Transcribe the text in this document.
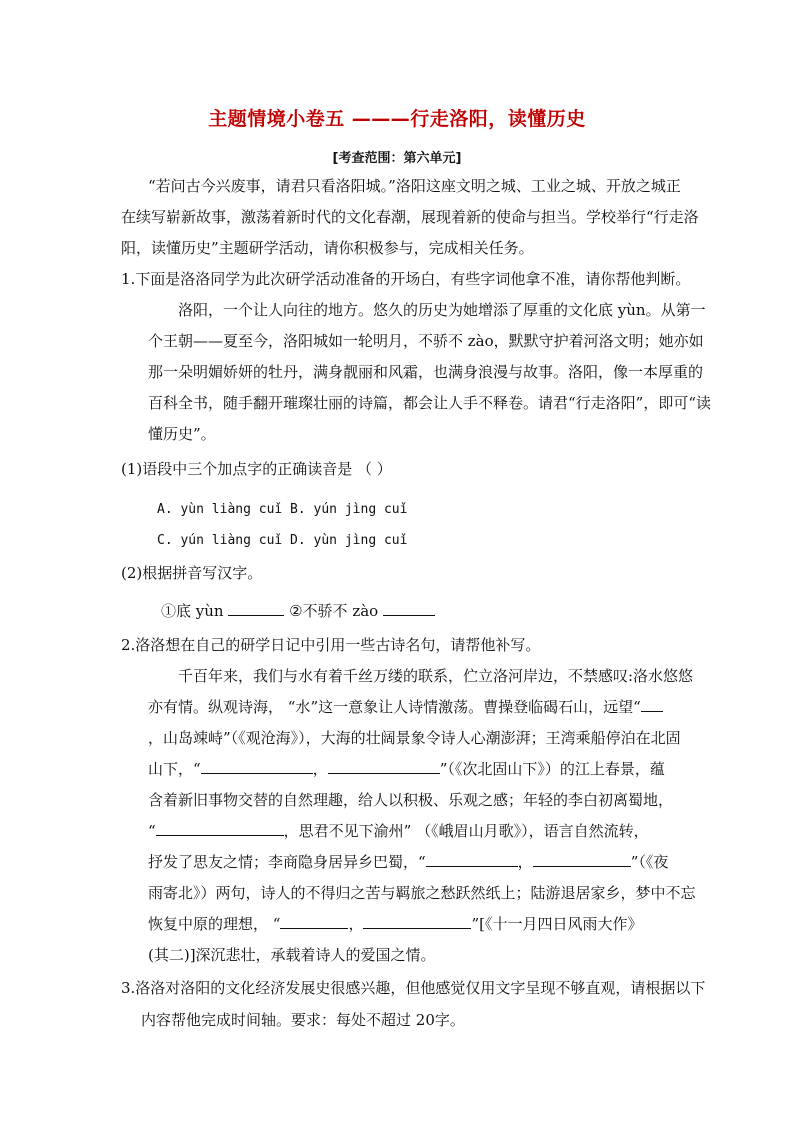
主题情境小卷五 ———行走洛阳，读懂历史
[考查范围：第六单元]
“若问古今兴废事，请君只看洛阳城。”洛阳这座文明之城、工业之城、开放之城正
在续写崭新故事，激荡着新时代的文化春潮，展现着新的使命与担当。学校举行“行走洛
阳，读懂历史”主题研学活动，请你积极参与，完成相关任务。
1.下面是洛洛同学为此次研学活动准备的开场白，有些字词他拿不准，请你帮他判断。
洛阳，一个让人向往的地方。悠久的历史为她增添了厚重的文化底 yùn。从第一
个王朝——夏至今，洛阳城如一轮明月，不骄不 zào，默默守护着河洛文明；她亦如
那一朵明媚娇妍的牡丹，满身靓丽和风霜，也满身浪漫与故事。洛阳，像一本厚重的
百科全书，随手翻开璀璨壮丽的诗篇，都会让人手不释卷。请君“行走洛阳”，即可“读
懂历史”。
(1)语段中三个加点字的正确读音是 （ ）
A. yùn liàng cuǐ B. yún jìng cuǐ
C. yún liàng cuǐ D. yùn jìng cuǐ
(2)根据拼音写汉字。
①底 yùn	②不骄不 zào
2.洛洛想在自己的研学日记中引用一些古诗名句，请帮他补写。
千百年来，我们与水有着千丝万缕的联系，伫立洛河岸边，不禁感叹:洛水悠悠
亦有情。纵观诗海， “水”这一意象让人诗情激荡。曹操登临碣石山，远望“
，山岛竦峙”（《观沧海》），大海的壮阔景象令诗人心潮澎湃；王湾乘船停泊在北固
山下，“	，	”（《次北固山下》）的江上春景，蕴
含着新旧事物交替的自然理趣，给人以积极、乐观之感；年轻的李白初离蜀地，
“	，思君不见下渝州” （《峨眉山月歌》），语言自然流转，
抒发了思友之情；李商隐身居异乡巴蜀，“	，	”（《夜
雨寄北》）两句，诗人的不得归之苦与羁旅之愁跃然纸上；陆游退居家乡，梦中不忘
恢复中原的理想， “	，	”[《十一月四日风雨大作》
(其二)]深沉悲壮，承载着诗人的爱国之情。
3.洛洛对洛阳的文化经济发展史很感兴趣，但他感觉仅用文字呈现不够直观，请根据以下
内容帮他完成时间轴。要求：每处不超过 20字。
